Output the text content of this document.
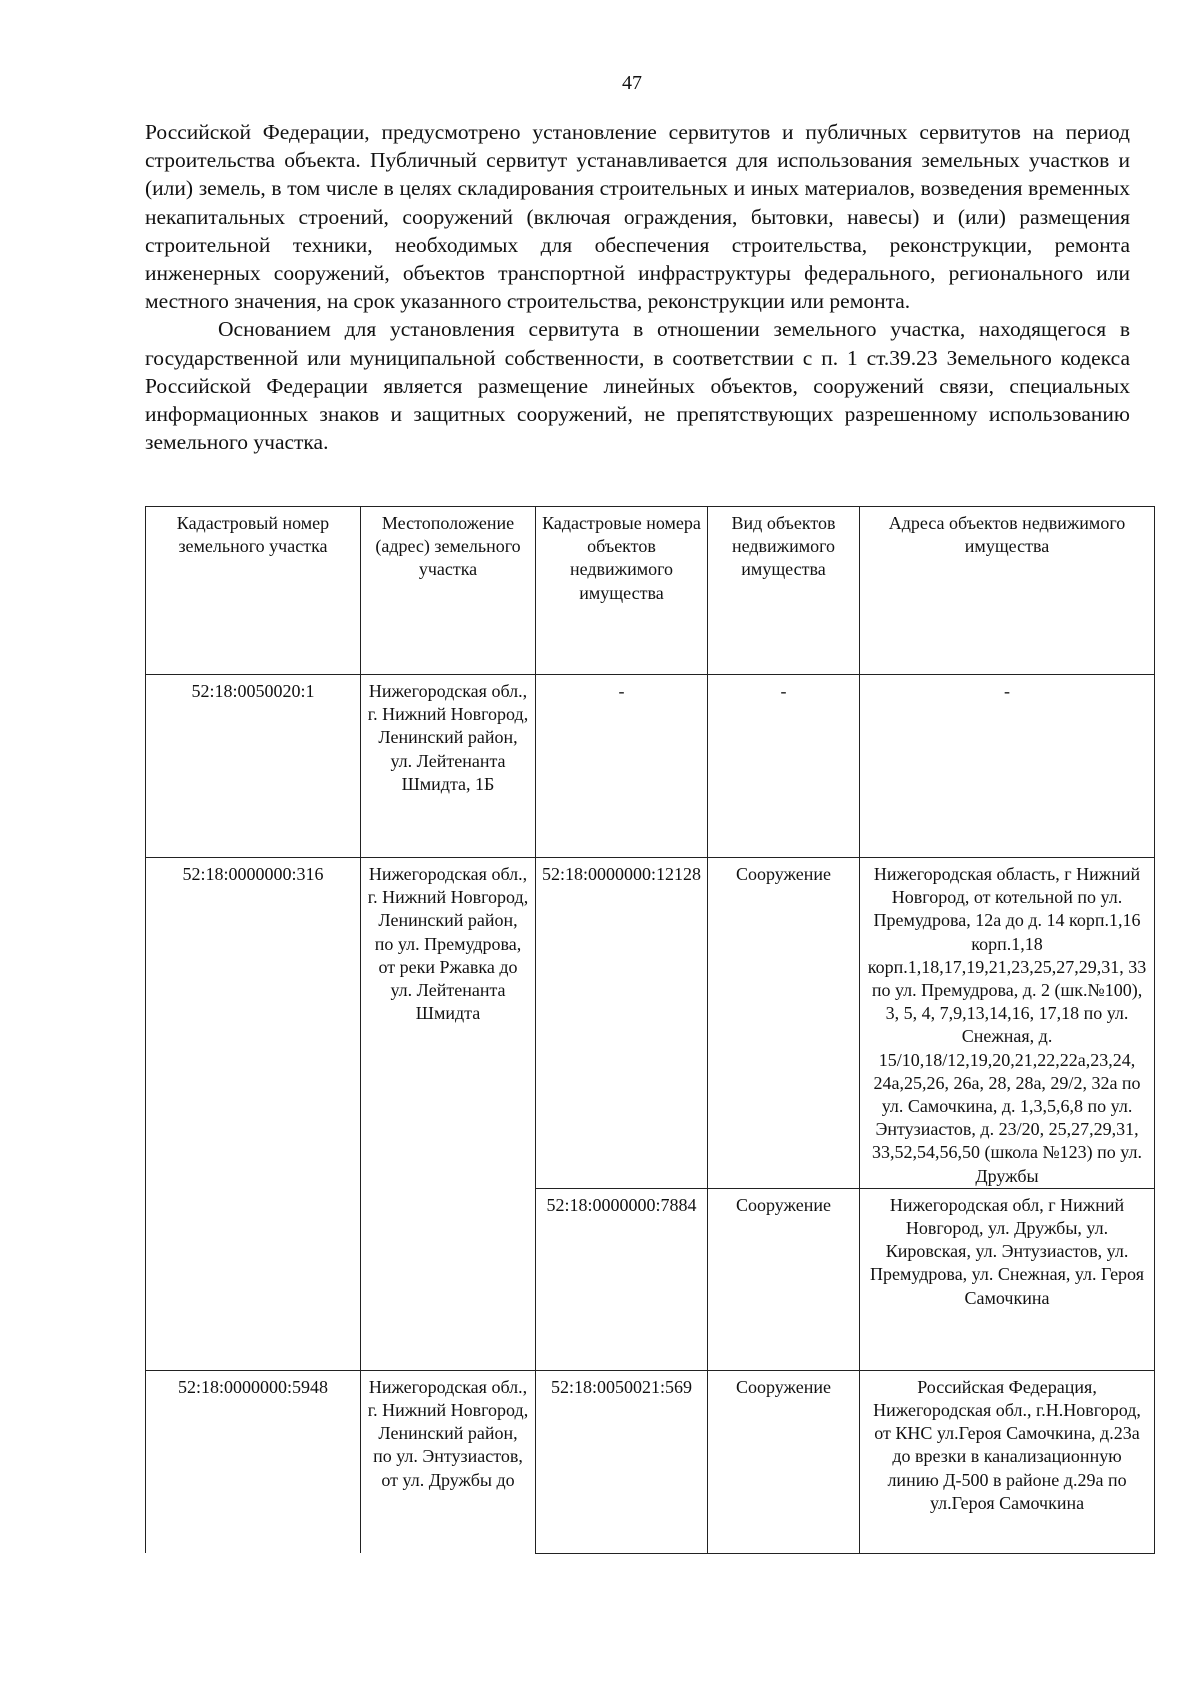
47

Российской Федерации, предусмотрено установление сервитутов и публичных сервитутов на период строительства объекта. Публичный сервитут устанавливается для использования земельных участков и (или) земель, в том числе в целях складирования строительных и иных материалов, возведения временных некапитальных строений, сооружений (включая ограждения, бытовки, навесы) и (или) размещения строительной техники, необходимых для обеспечения строительства, реконструкции, ремонта инженерных сооружений, объектов транспортной инфраструктуры федерального, регионального или местного значения, на срок указанного строительства, реконструкции или ремонта.

Основанием для установления сервитута в отношении земельного участка, находящегося в государственной или муниципальной собственности, в соответствии с п. 1 ст.39.23 Земельного кодекса Российской Федерации является размещение линейных объектов, сооружений связи, специальных информационных знаков и защитных сооружений, не препятствующих разрешенному использованию земельного участка.

Кадастровый номер земельного участка	Местоположение (адрес) земельного участка	Кадастровые номера объектов недвижимого имущества	Вид объектов недвижимого имущества	Адреса объектов недвижимого имущества
52:18:0050020:1	Нижегородская обл., г. Нижний Новгород, Ленинский район, ул. Лейтенанта Шмидта, 1Б	-	-	-
52:18:0000000:316	Нижегородская обл., г. Нижний Новгород, Ленинский район, по ул. Премудрова, от реки Ржавка до ул. Лейтенанта Шмидта	52:18:0000000:12128	Сооружение	Нижегородская область, г Нижний Новгород, от котельной по ул. Премудрова, 12а до д. 14 корп.1,16 корп.1,18 корп.1,18,17,19,21,23,25,27,29,31, 33 по ул. Премудрова, д. 2 (шк.№100), 3, 5, 4, 7,9,13,14,16, 17,18 по ул. Снежная, д. 15/10,18/12,19,20,21,22,22а,23,24, 24а,25,26, 26а, 28, 28а, 29/2, 32а по ул. Самочкина, д. 1,3,5,6,8 по ул. Энтузиастов, д. 23/20, 25,27,29,31, 33,52,54,56,50 (школа №123) по ул. Дружбы
		52:18:0000000:7884	Сооружение	Нижегородская обл, г Нижний Новгород, ул. Дружбы, ул. Кировская, ул. Энтузиастов, ул. Премудрова, ул. Снежная, ул. Героя Самочкина
52:18:0000000:5948	Нижегородская обл., г. Нижний Новгород, Ленинский район, по ул. Энтузиастов, от ул. Дружбы до	52:18:0050021:569	Сооружение	Российская Федерация, Нижегородская обл., г.Н.Новгород, от КНС ул.Героя Самочкина, д.23а до врезки в канализационную линию Д-500 в районе д.29а по ул.Героя Самочкина
